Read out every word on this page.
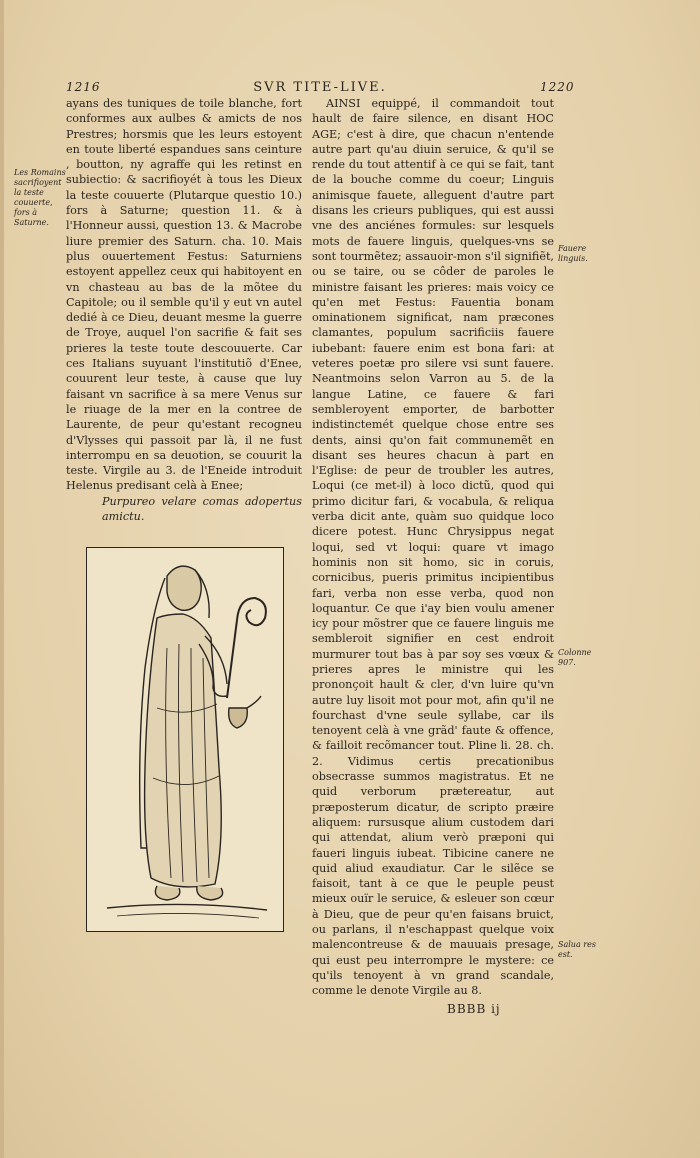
1216	SVR TITE-LIVE.	1220
Les Romains sacrifioyent la teste couuerte, fors à Saturne.
Fauere linguis.
Colonne 907.
Salua res est.

ayans des tuniques de toile blanche, fort conformes aux aulbes & amicts de nos Prestres; horsmis que les leurs estoyent en toute liberté espandues sans ceinture , boutton, ny agraffe qui les retinst en subiectio: & sacrifioyét à tous les Dieux la teste couuerte (Plutarque questio 10.) fors à Saturne; question 11. & à l'Honneur aussi, question 13. & Macrobe liure premier des Saturn. cha. 10. Mais plus ouuertement Festus: Saturniens estoyent appellez ceux qui habitoyent en vn chasteau au bas de la mõtee du Capitole; ou il semble qu'il y eut vn autel dedié à ce Dieu, deuant mesme la guerre de Troye, auquel l'on sacrifie & fait ses prieres la teste toute descouuerte. Car ces Italians suyuant l'institutiõ d'Enee, couurent leur teste, à cause que luy faisant vn sacrifice à sa mere Venus sur le riuage de la mer en la contree de Laurente, de peur qu'estant recogneu d'Vlysses qui passoit par là, il ne fust interrompu en sa deuotion, se couurit la teste. Virgile au 3. de l'Eneide introduit Helenus predisant celà à Enee;

Purpureo velare comas adopertus amictu.

AINSI equippé, il commandoit tout hault de faire silence, en disant HOC AGE; c'est à dire, que chacun n'entende autre part qu'au diuin seruice, & qu'il se rende du tout attentif à ce qui se fait, tant de la bouche comme du coeur; Linguis animisque fauete, alleguent d'autre part disans les crieurs publiques, qui est aussi vne des anciénes formules: sur lesquels mots de fauere linguis, quelques-vns se sont tourmẽtez; assauoir-mon s'il signifiẽt, ou se taire, ou se côder de paroles le ministre faisant les prieres: mais voicy ce qu'en met Festus: Fauentia bonam ominationem significat, nam præcones clamantes, populum sacrificiis fauere iubebant: fauere enim est bona fari: at veteres poetæ pro silere vsi sunt fauere. Neantmoins selon Varron au 5. de la langue Latine, ce fauere & fari sembleroyent emporter, de barbotter indistinctemét quelque chose entre ses dents, ainsi qu'on fait communemẽt en disant ses heures chacun à part en l'Eglise: de peur de troubler les autres, Loqui (ce met-il) à loco dictũ, quod qui primo dicitur fari, & vocabula, & reliqua verba dicit ante, quàm suo quidque loco dicere potest. Hunc Chrysippus negat loqui, sed vt loqui: quare vt imago hominis non sit homo, sic in coruis, cornicibus, pueris primitus incipientibus fari, verba non esse verba, quod non loquantur. Ce que i'ay bien voulu amener icy pour mõstrer que ce fauere linguis me sembleroit signifier en cest endroit murmurer tout bas à par soy ses vœux & prieres apres le ministre qui les prononçoit hault & cler, d'vn luire qu'vn autre luy lisoit mot pour mot, afin qu'il ne fourchast d'vne seule syllabe, car ils tenoyent celà à vne grãd' faute & offence, & failloit recõmancer tout. Pline li. 28. ch. 2. Vidimus certis precationibus obsecrasse summos magistratus. Et ne quid verborum prætereatur, aut præposterum dicatur, de scripto præire aliquem: rursusque alium custodem dari qui attendat, alium verò præponi qui faueri linguis iubeat. Tibicine canere ne quid aliud exaudiatur. Car le silẽce se faisoit, tant à ce que le peuple peust mieux ouïr le seruice, & esleuer son cœur à Dieu, que de peur qu'en faisans bruict, ou parlans, il n'eschappast quelque voix malencontreuse & de mauuais presage, qui eust peu interrompre le mystere: ce qu'ils tenoyent à vn grand scandale, comme le denote Virgile au 8.

BBBB ij
